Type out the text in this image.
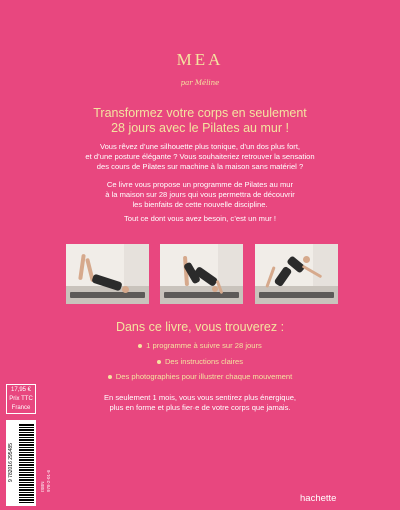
MEA
par Méline
Transformez votre corps en seulement
28 jours avec le Pilates au mur !
Vous rêvez d’une silhouette plus tonique, d’un dos plus fort,
et d’une posture élégante ? Vous souhaiteriez retrouver la sensation
des cours de Pilates sur machine à la maison sans matériel ?
Ce livre vous propose un programme de Pilates au mur
à la maison sur 28 jours qui vous permettra de découvrir
les bienfaits de cette nouvelle discipline.
Tout ce dont vous avez besoin, c’est un mur !
Dans ce livre, vous trouverez :
1 programme à suivre sur 28 jours
Des instructions claires
Des photographies pour illustrer chaque mouvement
En seulement 1 mois, vous vous sentirez plus énergique,
plus en forme et plus fier·e de votre corps que jamais.
17,95 €
Prix TTC
France
9 782016 295485
ISBN 978-2-01-6
hachette
